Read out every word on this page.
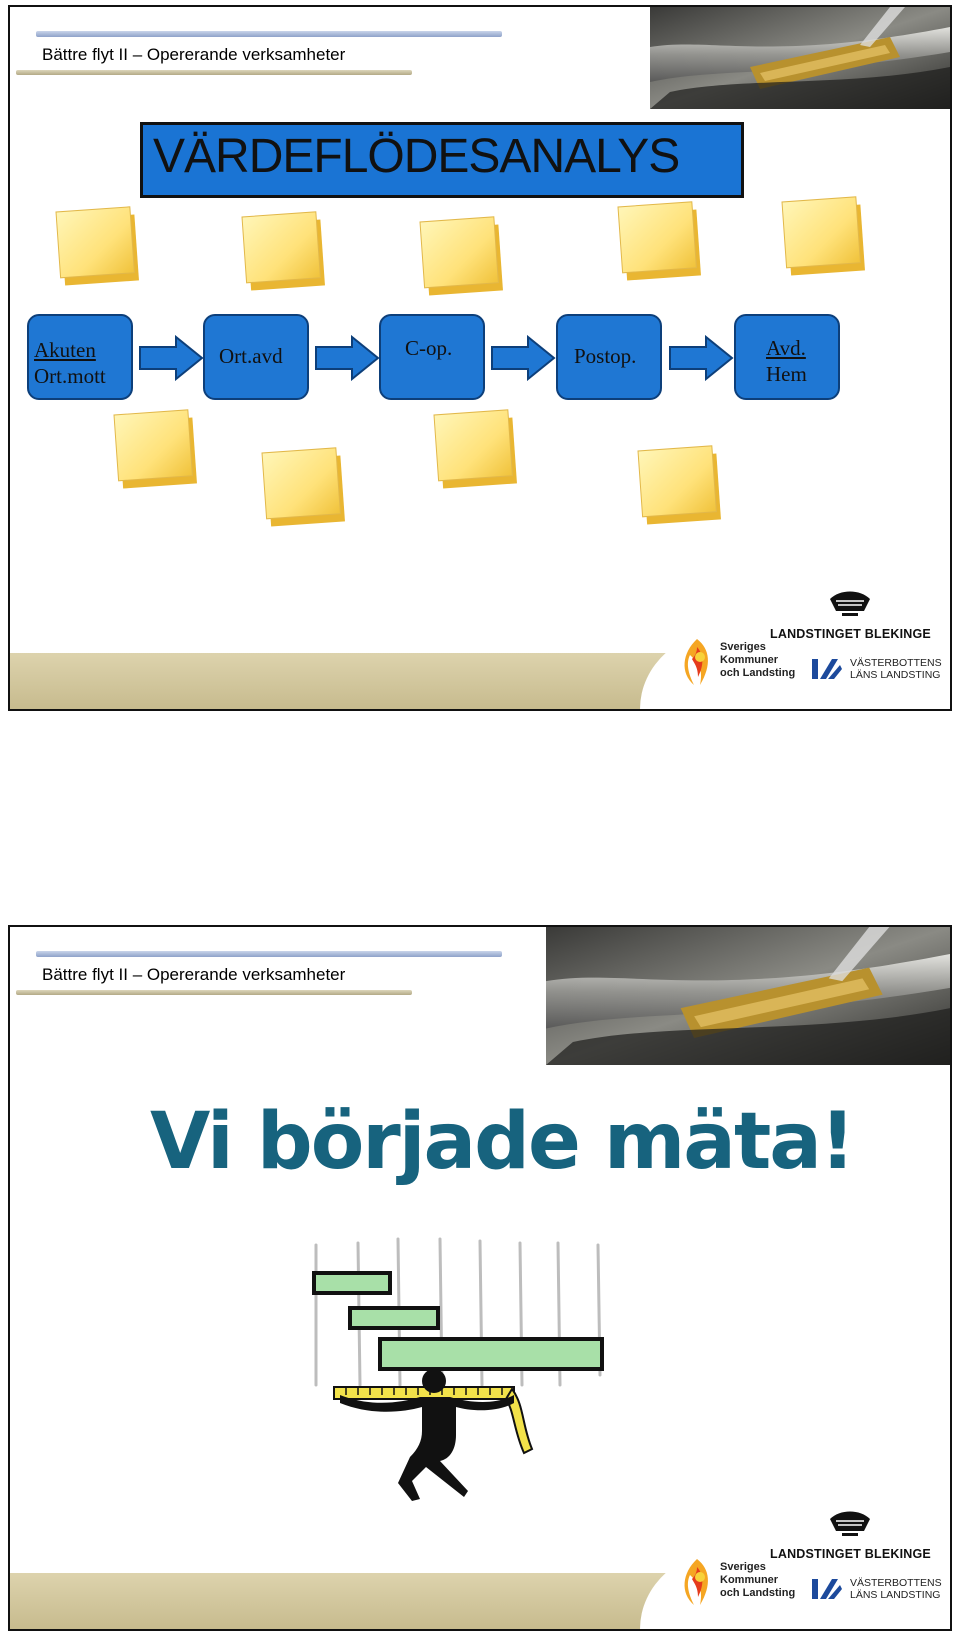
Bättre flyt II – Opererande verksamheter
VÄRDEFLÖDESANALYS
Akuten
Ort.mott
Ort.avd	C-op.	Postop.	Avd.
Hem
LANDSTINGET BLEKINGE
Sveriges
Kommuner
och Landsting
VÄSTERBOTTENS
LÄNS LANDSTING
Bättre flyt II – Opererande verksamheter
Vi började mäta!
LANDSTINGET BLEKINGE
Sveriges
Kommuner
och Landsting
VÄSTERBOTTENS
LÄNS LANDSTING
